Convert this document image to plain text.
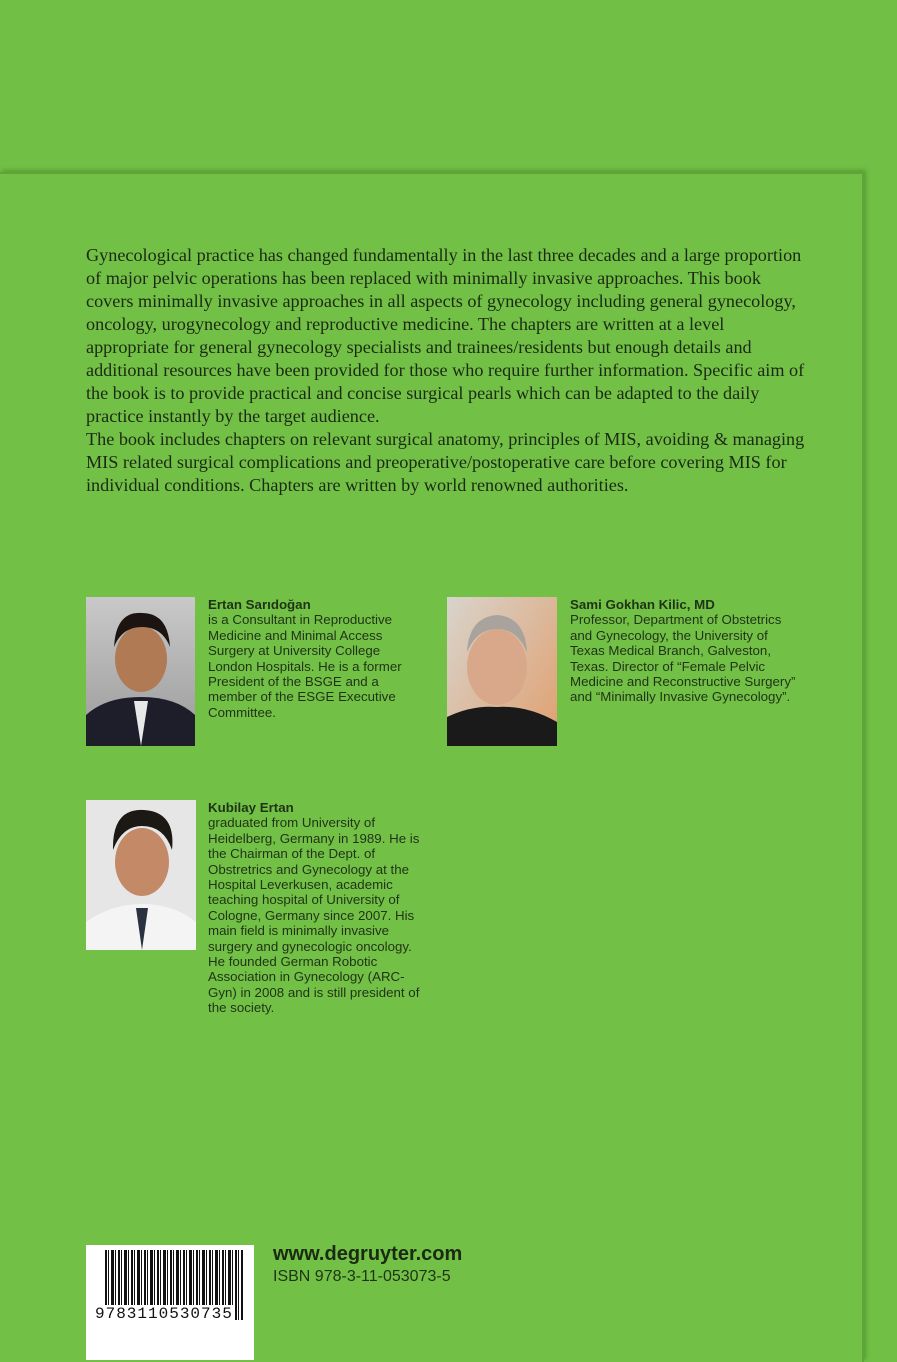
Gynecological practice has changed fundamentally in the last three decades and a large proportion of major pelvic operations has been replaced with minimally invasive approaches. This book covers minimally invasive approaches in all aspects of gynecology including general gynecology, oncology, urogynecology and reproductive medicine. The chapters are written at a level appropriate for general gynecology specialists and trainees/residents but enough details and additional resources have been provided for those who require further information. Specific aim of the book is to provide practical and concise surgical pearls which can be adapted to the daily practice instantly by the target audience.

The book includes chapters on relevant surgical anatomy, principles of MIS, avoiding & managing MIS related surgical complications and preoperative/postoperative care before covering MIS for individual conditions. Chapters are written by world renowned authorities.

Ertan Sarıdoğan
is a Consultant in Reproductive Medicine and Minimal Access Surgery at University College London Hospitals. He is a former President of the BSGE and a member of the ESGE Executive Committee.
Sami Gokhan Kilic, MD
Professor, Department of Obstetrics and Gynecology, the University of Texas Medical Branch, Galveston, Texas. Director of “Female Pelvic Medicine and Reconstructive Surgery” and “Minimally Invasive Gynecology”.
Kubilay Ertan
graduated from University of Heidelberg, Germany in 1989. He is the Chairman of the Dept. of Obstretrics and Gynecology at the Hospital Leverkusen, academic teaching hospital of University of Cologne, Germany since 2007. His main field is minimally invasive surgery and gynecologic oncology. He founded German Robotic Association in Gynecology (ARC-Gyn) in 2008 and is still president of the society.
9783110530735
www.degruyter.com
ISBN 978-3-11-053073-5
